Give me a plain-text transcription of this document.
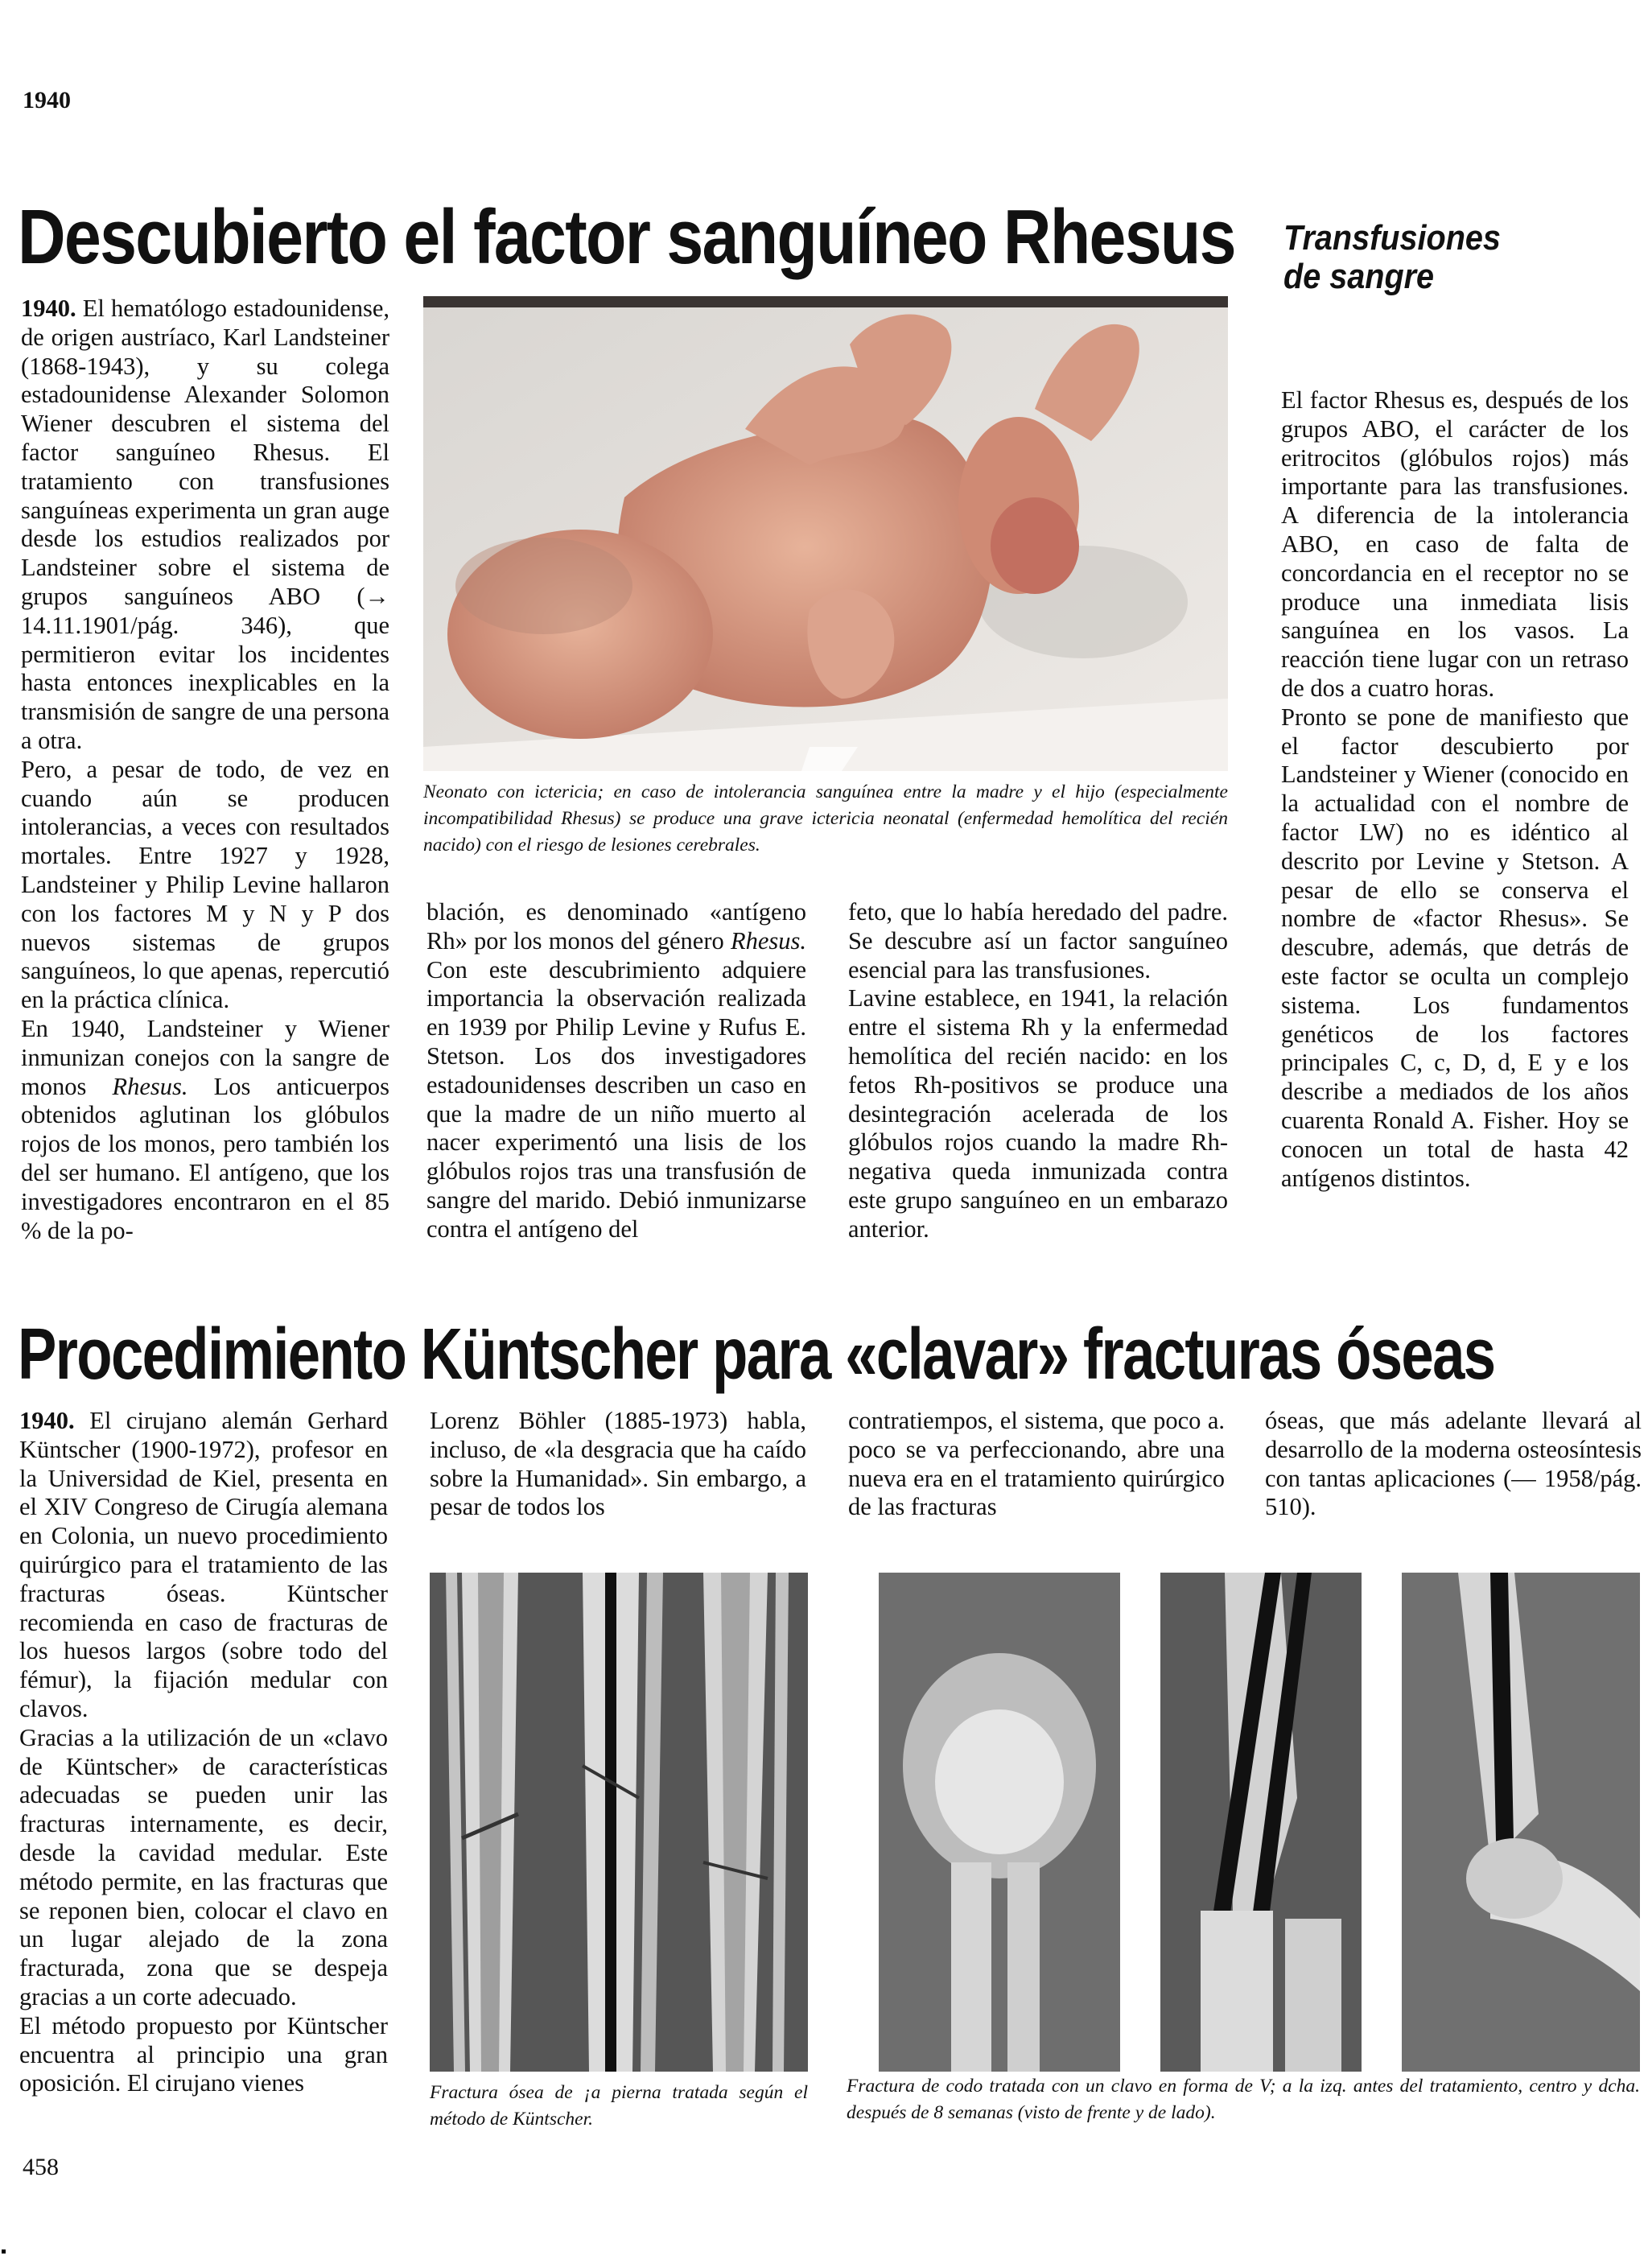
1940
Descubierto el factor sanguíneo Rhesus Transfusiones
de sangre

1940. El hematólogo estadounidense, de origen austríaco, Karl Landsteiner (1868-1943), y su colega estadounidense Alexander Solomon Wiener descubren el sistema del factor sanguíneo Rhesus. El tratamiento con transfusiones sanguíneas experimenta un gran auge desde los estudios realizados por Landsteiner sobre el sistema de grupos sanguíneos ABO (→ 14.11.1901/pág. 346), que permitieron evitar los incidentes hasta entonces inexplicables en la transmisión de sangre de una persona a otra.

Pero, a pesar de todo, de vez en cuando aún se producen intolerancias, a veces con resultados mortales. Entre 1927 y 1928, Landsteiner y Philip Levine hallaron con los factores M y N y P dos nuevos sistemas de grupos sanguíneos, lo que apenas, repercutió en la práctica clínica.

En 1940, Landsteiner y Wiener inmunizan conejos con la sangre de monos Rhesus. Los anticuerpos obtenidos aglutinan los glóbulos rojos de los monos, pero también los del ser humano. El antígeno, que los investigadores encontraron en el 85 % de la po-

Neonato con ictericia; en caso de intolerancia sanguínea entre la madre y el hijo (especialmente incompatibilidad Rhesus) se produce una grave ictericia neonatal (enfermedad hemolítica del recién nacido) con el riesgo de lesiones cerebrales.

blación, es denominado «antígeno Rh» por los monos del género Rhesus. Con este descubrimiento adquiere importancia la observación realizada en 1939 por Philip Levine y Rufus E. Stetson. Los dos investigadores estadounidenses describen un caso en que la madre de un niño muerto al nacer experimentó una lisis de los glóbulos rojos tras una transfusión de sangre del marido. Debió inmunizarse contra el antígeno del

feto, que lo había heredado del padre. Se descubre así un factor sanguíneo esencial para las transfusiones.

Lavine establece, en 1941, la relación entre el sistema Rh y la enfermedad hemolítica del recién nacido: en los fetos Rh-positivos se produce una desintegración acelerada de los glóbulos rojos cuando la madre Rh-negativa queda inmunizada contra este grupo sanguíneo en un embarazo anterior.

El factor Rhesus es, después de los grupos ABO, el carácter de los eritrocitos (glóbulos rojos) más importante para las transfusiones. A diferencia de la intolerancia ABO, en caso de falta de concordancia en el receptor no se produce una inmediata lisis sanguínea en los vasos. La reacción tiene lugar con un retraso de dos a cuatro horas.

Pronto se pone de manifiesto que el factor descubierto por Landsteiner y Wiener (conocido en la actualidad con el nombre de factor LW) no es idéntico al descrito por Levine y Stetson. A pesar de ello se conserva el nombre de «factor Rhesus». Se descubre, además, que detrás de este factor se oculta un complejo sistema. Los fundamentos genéticos de los factores principales C, c, D, d, E y e los describe a mediados de los años cuarenta Ronald A. Fisher. Hoy se conocen un total de hasta 42 antígenos distintos.

Procedimiento Küntscher para «clavar» fracturas óseas

1940. El cirujano alemán Gerhard Küntscher (1900-1972), profesor en la Universidad de Kiel, presenta en el XIV Congreso de Cirugía alemana en Colonia, un nuevo procedimiento quirúrgico para el tratamiento de las fracturas óseas. Küntscher recomienda en caso de fracturas de los huesos largos (sobre todo del fémur), la fijación medular con clavos.

Gracias a la utilización de un «clavo de Küntscher» de características adecuadas se pueden unir las fracturas internamente, es decir, desde la cavidad medular. Este método permite, en las fracturas que se reponen bien, colocar el clavo en un lugar alejado de la zona fracturada, zona que se despeja gracias a un corte adecuado.

El método propuesto por Küntscher encuentra al principio una gran oposición. El cirujano vienes

Lorenz Böhler (1885-1973) habla, incluso, de «la desgracia que ha caído sobre la Humanidad». Sin embargo, a pesar de todos los
contratiempos, el sistema, que poco a. poco se va perfeccionando, abre una nueva era en el tratamiento quirúrgico de las fracturas
óseas, que más adelante llevará al desarrollo de la moderna osteosíntesis con tantas aplicaciones (— 1958/pág. 510).
Fractura ósea de ¡a pierna tratada según el método de Küntscher.
Fractura de codo tratada con un clavo en forma de V; a la izq. antes del tratamiento, centro y dcha. después de 8 semanas (visto de frente y de lado).
458
